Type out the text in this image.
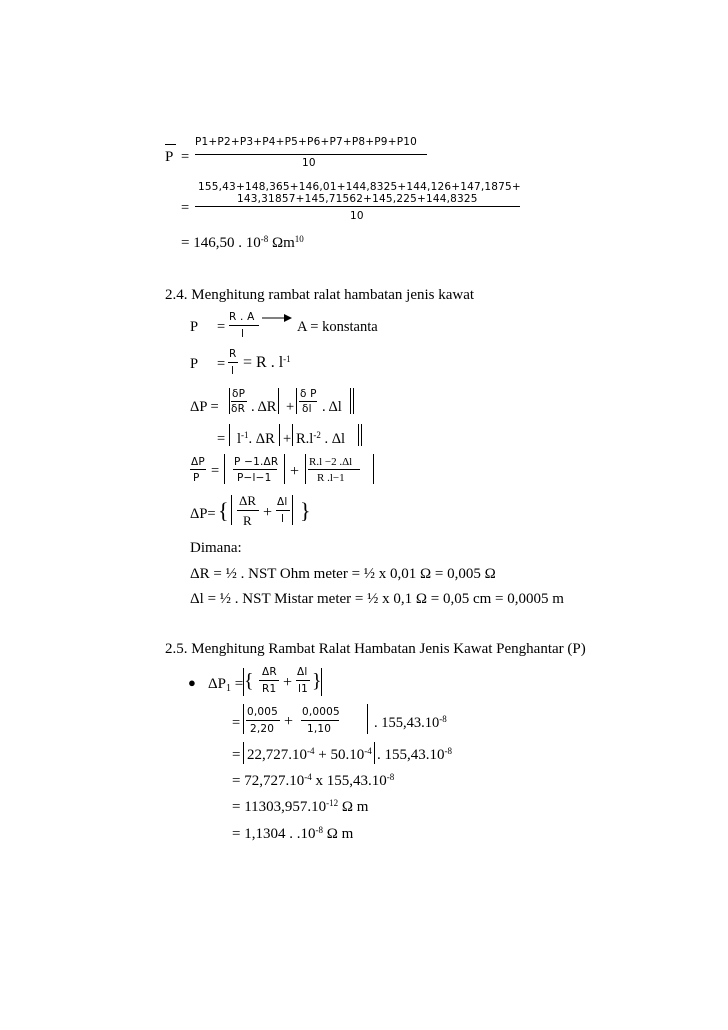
P =
P1+P2+P3+P4+P5+P6+P7+P8+P9+P10
10
155,43+148,365+146,01+144,8325+144,126+147,1875+
143,31857+145,71562+145,225+144,8325
=	10
= 146,50 . $10^{-8}$ $\Omega m^{10}$
2.4. Menghitung rambat ralat hambatan jenis kawat
P =
R . A
l	A = konstanta
P =
R
l = R . $l^{-1}$
ΔP =
δP
δR . ΔR +
δ P
δl . Δl
= $l^{-1}$. $\Delta R + R.l^{-2}$ . Δl
ΔP
P =
P −1.ΔR
P−l−1 +
R.l −2 .Δl
R .l−1
ΔP= { ΔR
R +
Δl
l }
Dimana:
ΔR = ½ . NST Ohm meter = ½ x 0,01 Ω = 0,005 Ω
Δl = ½ . NST Mistar meter = ½ x 0,1 Ω = 0,05 cm = 0,0005 m
2.5. Menghitung Rambat Ralat Hambatan Jenis Kawat Penghantar (P)
● $\Delta P_1$ = { ΔR
R1 +
Δl
l1 }
=
0,005
2,20 +
0,0005
1,10	. $155,43.10^{-8}$
= $22,727.10^{-4} + 50.10^{-4}$ . $155,43.10^{-8}$
= $72,727.10^{-4}$ x $155,43.10^{-8}$
= $11303,957.10^{-12}$ Ω m
= 1,1304 . $.10^{-8}$ Ω m
